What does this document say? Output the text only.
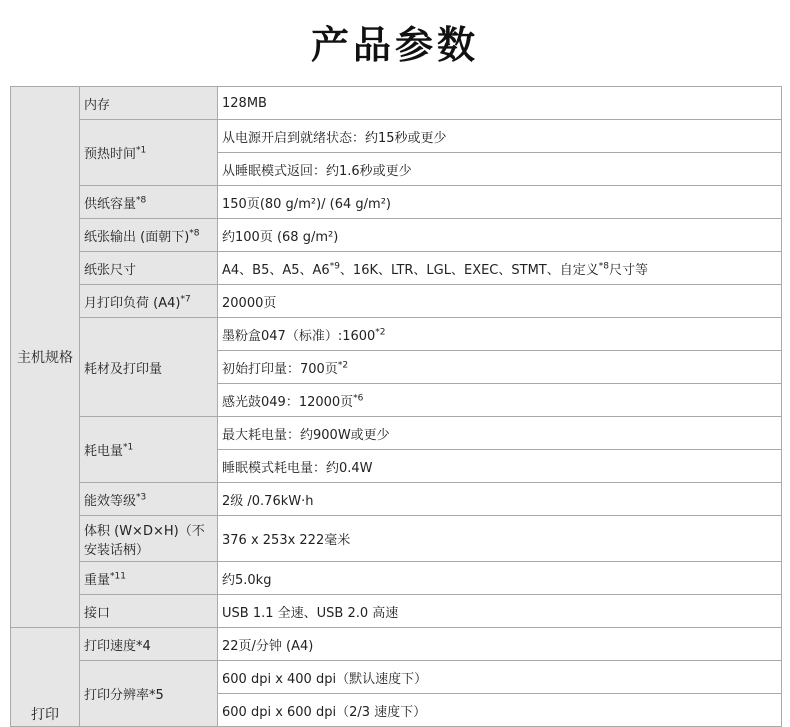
产品参数
主机规格	内存	128MB
	预热时间$^{*1}$	从电源开启到就绪状态：约15秒或更少
		从睡眠模式返回：约1.6秒或更少
	供纸容量$^{*8}$	150页(80 g/m²)/ (64 g/m²)
	纸张输出 (面朝下)$^{*8}$	约100页 (68 g/m²)
	纸张尺寸	A4、B5、A5、A6$^{*9}$、16K、LTR、LGL、EXEC、STMT、自定义$^{*8}$尺寸等
	月打印负荷 $(A4)^{*7}$	20000页
	耗材及打印量	墨粉盒047（标准）:1600$^{*2}$
		初始打印量：700页$^{*2}$
		感光鼓049：12000页$^{*6}$
	耗电量$^{*1}$	最大耗电量：约900W或更少
		睡眠模式耗电量：约0.4W
	能效等级$^{*3}$	2级 /0.76kW·h
	体积 (W×D×H)（不安装话柄）	376 x 253x 222毫米
	重量$^{*11}$	约5.0kg
	接口	USB 1.1 全速、USB 2.0 高速
打印	打印速度*4	22页/分钟 (A4)
	打印分辨率*5	600 dpi x 400 dpi（默认速度下）
		600 dpi x 600 dpi（2/3 速度下）
